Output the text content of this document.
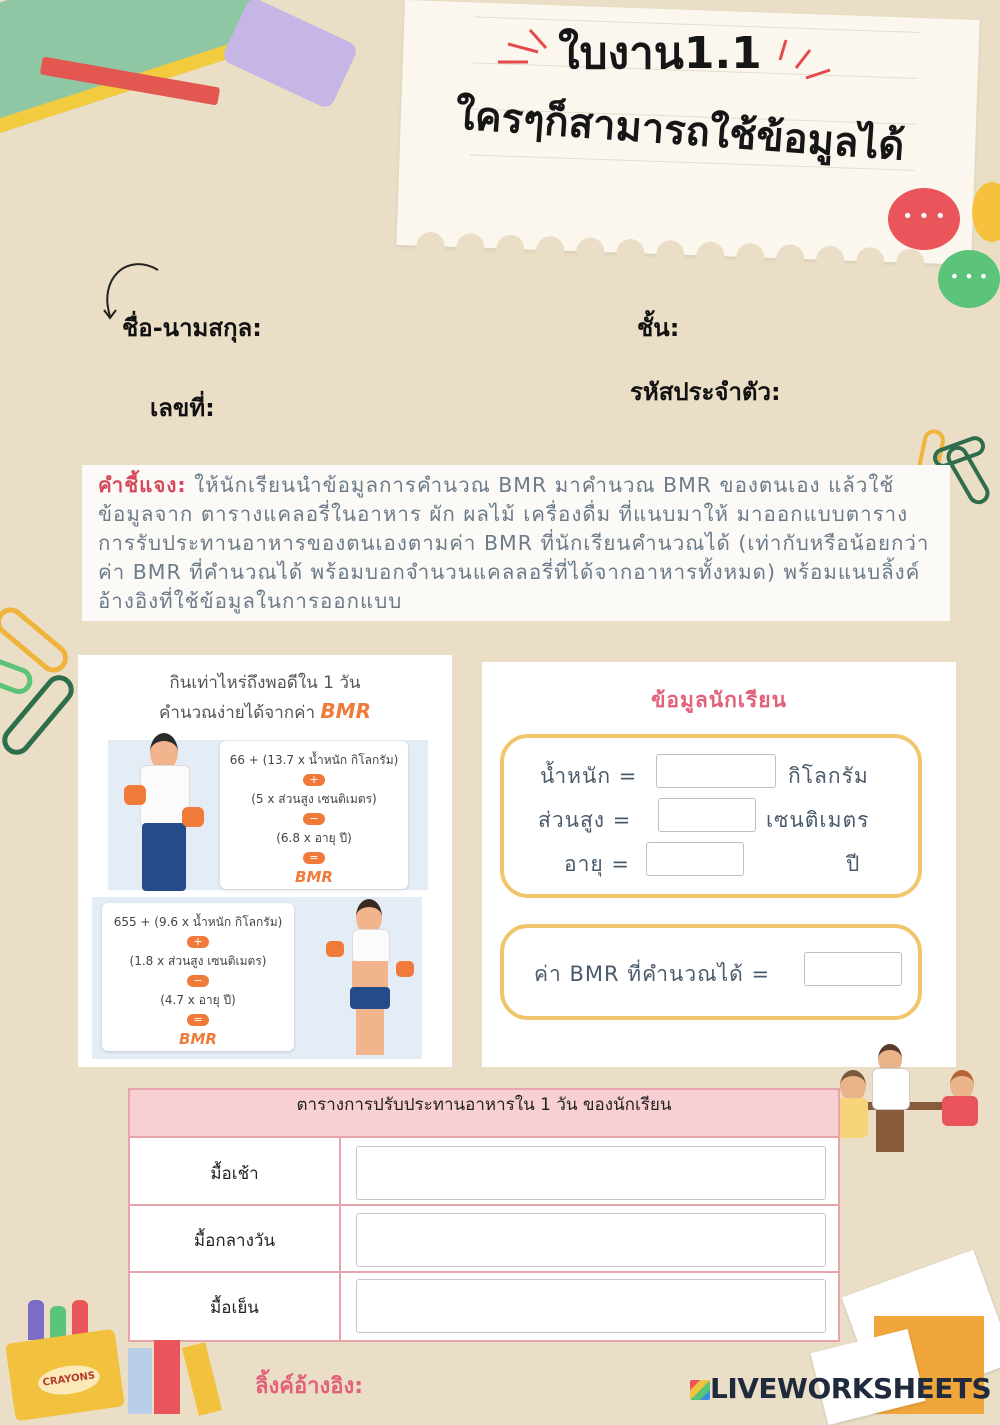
ใบงาน1.1
ใครๆก็สามารถใช้ข้อมูลได้
• • •
• • •
ชื่อ-นามสกุล:	ชั้น:
เลขที่:
รหัสประจำตัว:

คำชี้แจง: ให้นักเรียนนำข้อมูลการคำนวณ BMR มาคำนวณ BMR ของตนเอง แล้วใช้ข้อมูลจาก ตารางแคลอรี่ในอาหาร ผัก ผลไม้ เครื่องดื่ม ที่แนบมาให้ มาออกแบบตารางการรับประทานอาหารของตนเองตามค่า BMR ที่นักเรียนคำนวณได้ (เท่ากับหรือน้อยกว่าค่า BMR ที่คำนวณได้ พร้อมบอกจำนวนแคลลอรี่ที่ได้จากอาหารทั้งหมด) พร้อมแนบลิ้งค์อ้างอิงที่ใช้ข้อมูลในการออกแบบ

กินเท่าไหร่ถึงพอดีใน 1 วัน
คำนวณง่ายได้จากค่า BMR
66 + (13.7 x น้ำหนัก กิโลกรัม)
+
(5 x ส่วนสูง เซนติเมตร)
−
(6.8 x อายุ ปี)
=
BMR
655 + (9.6 x น้ำหนัก กิโลกรัม)
+
(1.8 x ส่วนสูง เซนติเมตร)
−
(4.7 x อายุ ปี)
=
BMR
ข้อมูลนักเรียน
น้ำหนัก =	กิโลกรัม
ส่วนสูง =	เซนติเมตร
อายุ =	ปี
ค่า BMR ที่คำนวณได้ =
ตารางการปรับประทานอาหารใน 1 วัน ของนักเรียน
มื้อเช้า
มื้อกลางวัน
มื้อเย็น
CRAYONS	ลิ้งค์อ้างอิง:	LIVEWORKSHEETS
